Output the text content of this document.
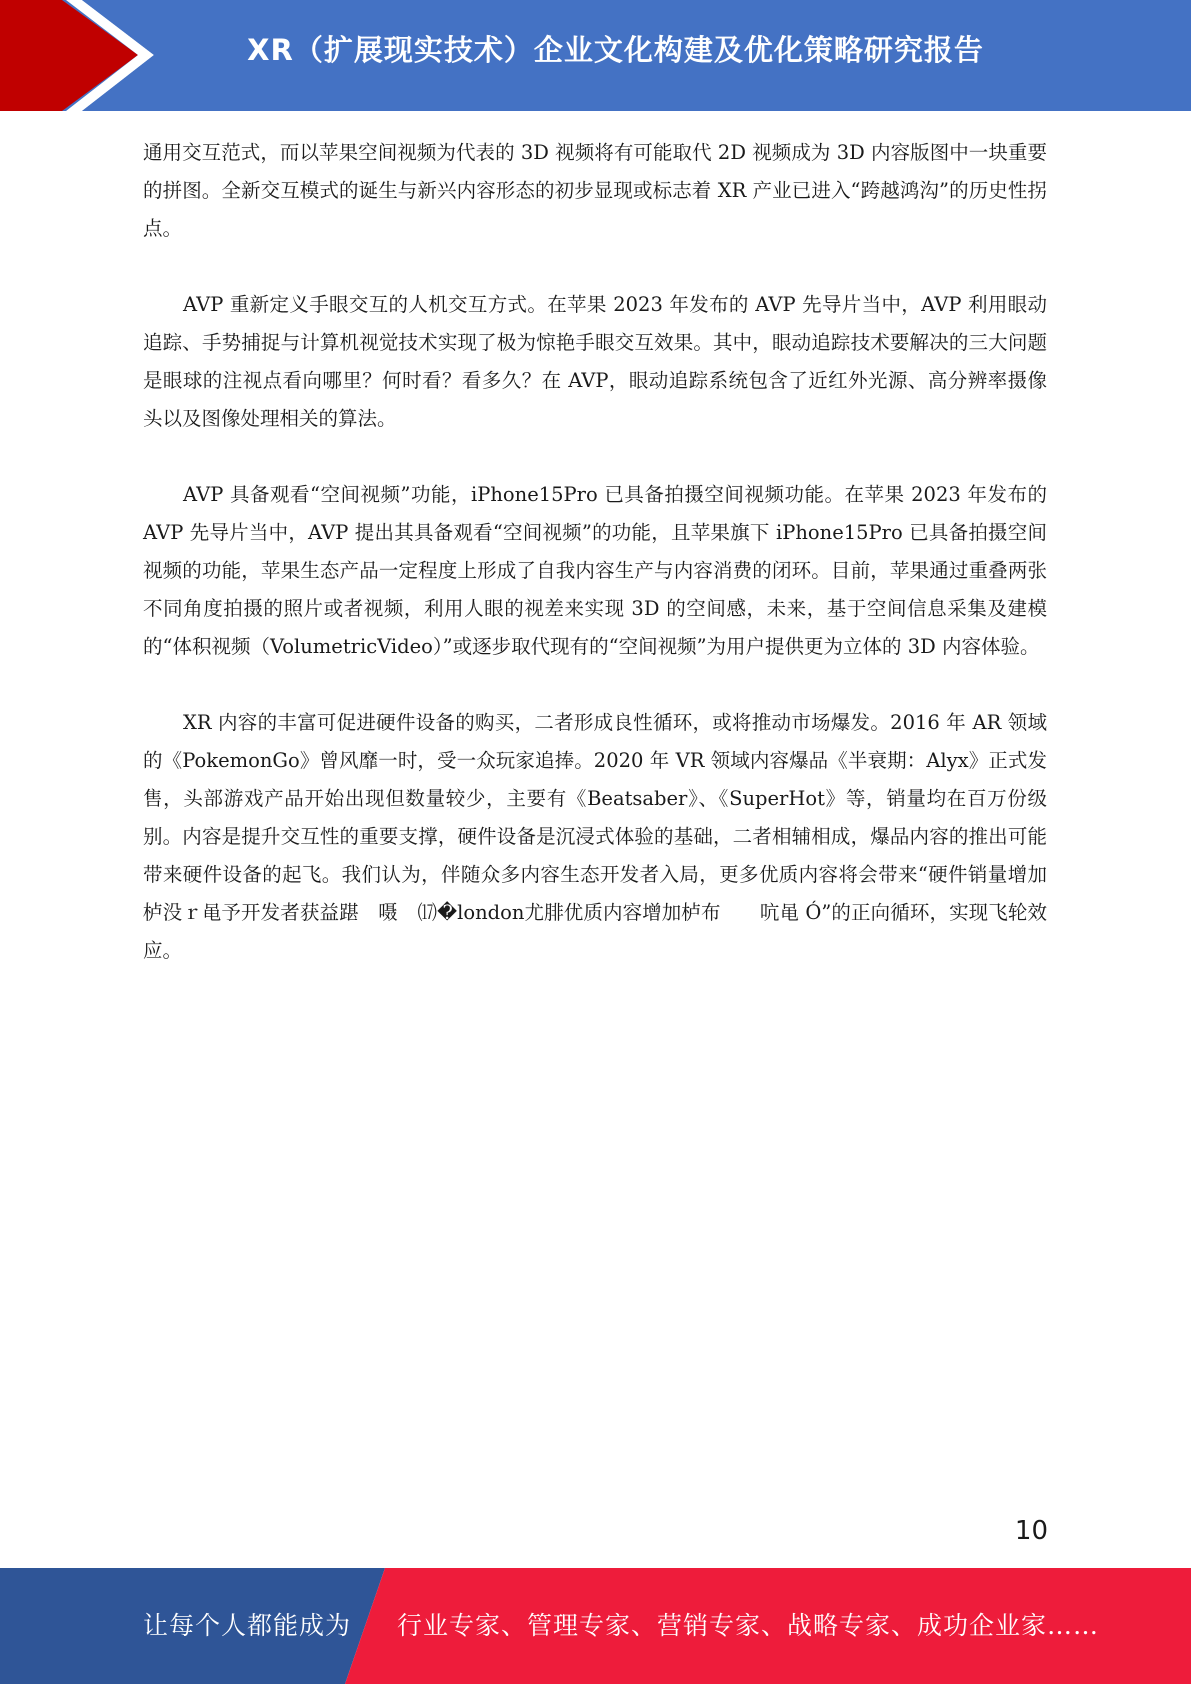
XR（扩展现实技术）企业文化构建及优化策略研究报告

通用交互范式，而以苹果空间视频为代表的 3D 视频将有可能取代 2D 视频成为 3D 内容版图中一块重要的拼图。全新交互模式的诞生与新兴内容形态的初步显现或标志着 XR 产业已进入“跨越鸿沟”的历史性拐点。

AVP 重新定义手眼交互的人机交互方式。在苹果 2023 年发布的 AVP 先导片当中，AVP 利用眼动追踪、手势捕捉与计算机视觉技术实现了极为惊艳手眼交互效果。其中，眼动追踪技术要解决的三大问题是眼球的注视点看向哪里？何时看？看多久？在 AVP，眼动追踪系统包含了近红外光源、高分辨率摄像头以及图像处理相关的算法。

AVP 具备观看“空间视频”功能，iPhone15Pro 已具备拍摄空间视频功能。在苹果 2023 年发布的 AVP 先导片当中，AVP 提出其具备观看“空间视频”的功能，且苹果旗下 iPhone15Pro 已具备拍摄空间视频的功能，苹果生态产品一定程度上形成了自我内容生产与内容消费的闭环。目前，苹果通过重叠两张不同角度拍摄的照片或者视频，利用人眼的视差来实现 3D 的空间感，未来，基于空间信息采集及建模的“体积视频（VolumetricVideo）”或逐步取代现有的“空间视频”为用户提供更为立体的 3D 内容体验。

XR 内容的丰富可促进硬件设备的购买，二者形成良性循环，或将推动市场爆发。2016 年 AR 领域的《PokemonGo》曾风靡一时，受一众玩家追捧。2020 年 VR 领域内容爆品《半衰期：Alyx》正式发售，头部游戏产品开始出现但数量较少，主要有《Beatsaber》、《SuperHot》等，销量均在百万份级别。内容是提升交互性的重要支撑，硬件设备是沉浸式体验的基础，二者相辅相成，爆品内容的推出可能带来硬件设备的起飞。我们认为，伴随众多内容生态开发者入局，更多优质内容将会带来“硬件销量增加栌没ｒ黾予开发者获益踸　嗫　⒄�london尤腓优质内容增加栌布　　吭黾 Ó”的正向循环，实现飞轮效应。

10
让每个人都能成为 行业专家、管理专家、营销专家、战略专家、成功企业家……
